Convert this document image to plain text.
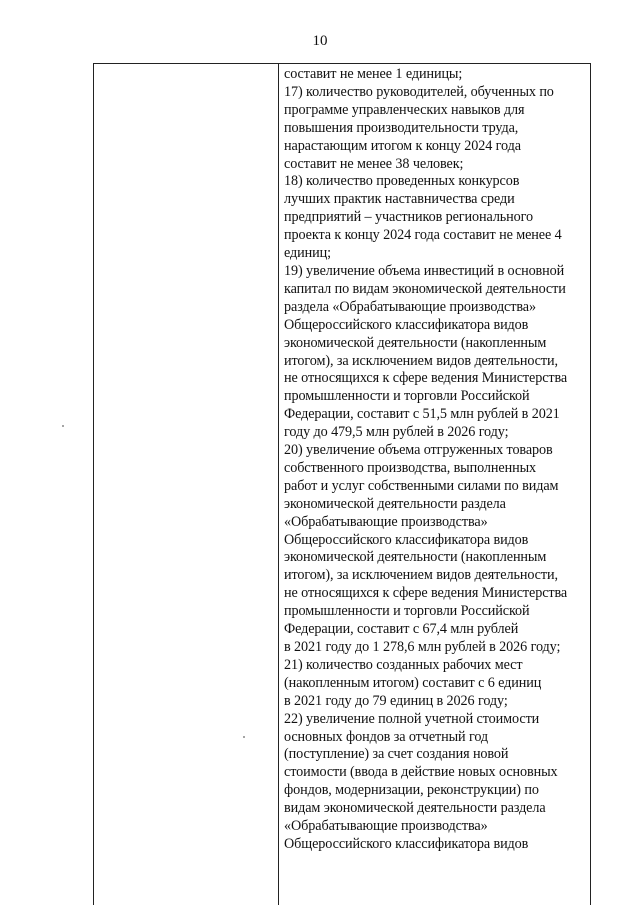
10
составит не менее 1 единицы;
17) количество руководителей, обученных по
программе управленческих навыков для
повышения производительности труда,
нарастающим итогом к концу 2024 года
составит не менее 38 человек;
18) количество проведенных конкурсов
лучших практик наставничества среди
предприятий – участников регионального
проекта к концу 2024 года составит не менее 4
единиц;
19) увеличение объема инвестиций в основной
капитал по видам экономической деятельности
раздела «Обрабатывающие производства»
Общероссийского классификатора видов
экономической деятельности (накопленным
итогом), за исключением видов деятельности,
не относящихся к сфере ведения Министерства
промышленности и торговли Российской
Федерации, составит с 51,5 млн рублей в 2021
году до 479,5 млн рублей в 2026 году;
20) увеличение объема отгруженных товаров
собственного производства, выполненных
работ и услуг собственными силами по видам
экономической деятельности раздела
«Обрабатывающие производства»
Общероссийского классификатора видов
экономической деятельности (накопленным
итогом), за исключением видов деятельности,
не относящихся к сфере ведения Министерства
промышленности и торговли Российской
Федерации, составит с 67,4 млн рублей
в 2021 году до 1 278,6 млн рублей в 2026 году;
21) количество созданных рабочих мест
(накопленным итогом) составит с 6 единиц
в 2021 году до 79 единиц в 2026 году;
22) увеличение полной учетной стоимости
основных фондов за отчетный год
(поступление) за счет создания новой
стоимости (ввода в действие новых основных
фондов, модернизации, реконструкции) по
видам экономической деятельности раздела
«Обрабатывающие производства»
Общероссийского классификатора видов
